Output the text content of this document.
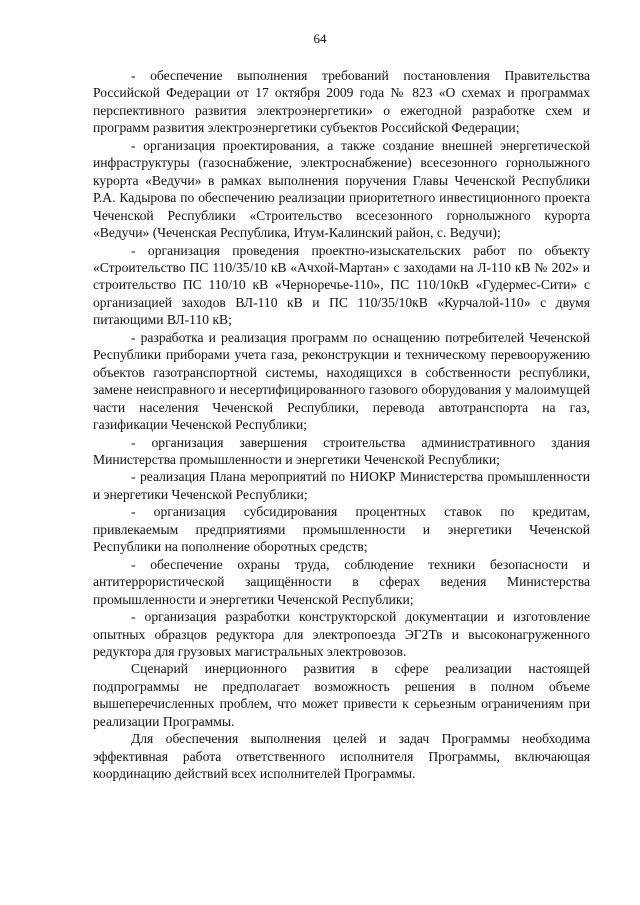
64

- обеспечение выполнения требований постановления Правительства Российской Федерации от 17 октября 2009 года № 823 «О схемах и программах перспективного развития электроэнергетики» о ежегодной разработке схем и программ развития электроэнергетики субъектов Российской Федерации;

- организация проектирования, а также создание внешней энергетической инфраструктуры (газоснабжение, электроснабжение) всесезонного горнолыжного курорта «Ведучи» в рамках выполнения поручения Главы Чеченской Республики Р.А. Кадырова по обеспечению реализации приоритетного инвестиционного проекта Чеченской Республики «Строительство всесезонного горнолыжного курорта «Ведучи» (Чеченская Республика, Итум-Калинский район, с. Ведучи);

- организация проведения проектно-изыскательских работ по объекту «Строительство ПС 110/35/10 кВ «Ачхой-Мартан» с заходами на Л-110 кВ № 202» и строительство ПС 110/10 кВ «Черноречье-110», ПС 110/10кВ «Гудермес-Сити» с организацией заходов ВЛ-110 кВ и ПС 110/35/10кВ «Курчалой-110» с двумя питающими ВЛ-110 кВ;

- разработка и реализация программ по оснащению потребителей Чеченской Республики приборами учета газа, реконструкции и техническому перевооружению объектов газотранспортной системы, находящихся в собственности республики, замене неисправного и несертифицированного газового оборудования у малоимущей части населения Чеченской Республики, перевода автотранспорта на газ, газификации Чеченской Республики;

- организация завершения строительства административного здания Министерства промышленности и энергетики Чеченской Республики;

- реализация Плана мероприятий по НИОКР Министерства промышленности и энергетики Чеченской Республики;

- организация субсидирования процентных ставок по кредитам, привлекаемым предприятиями промышленности и энергетики Чеченской Республики на пополнение оборотных средств;

- обеспечение охраны труда, соблюдение техники безопасности и антитеррористической защищённости в сферах ведения Министерства промышленности и энергетики Чеченской Республики;

- организация разработки конструкторской документации и изготовление опытных образцов редуктора для электропоезда ЭГ2Тв и высоконагруженного редуктора для грузовых магистральных электровозов.

Сценарий инерционного развития в сфере реализации настоящей подпрограммы не предполагает возможность решения в полном объеме вышеперечисленных проблем, что может привести к серьезным ограничениям при реализации Программы.

Для обеспечения выполнения целей и задач Программы необходима эффективная работа ответственного исполнителя Программы, включающая координацию действий всех исполнителей Программы.
